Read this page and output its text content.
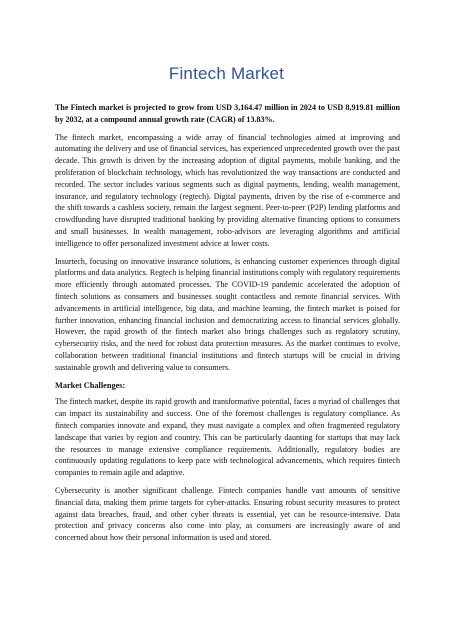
Fintech Market

The Fintech market is projected to grow from USD 3,164.47 million in 2024 to USD 8,919.81 million by 2032, at a compound annual growth rate (CAGR) of 13.83%.

The fintech market, encompassing a wide array of financial technologies aimed at improving and automating the delivery and use of financial services, has experienced unprecedented growth over the past decade. This growth is driven by the increasing adoption of digital payments, mobile banking, and the proliferation of blockchain technology, which has revolutionized the way transactions are conducted and recorded. The sector includes various segments such as digital payments, lending, wealth management, insurance, and regulatory technology (regtech). Digital payments, driven by the rise of e-commerce and the shift towards a cashless society, remain the largest segment. Peer-to-peer (P2P) lending platforms and crowdfunding have disrupted traditional banking by providing alternative financing options to consumers and small businesses. In wealth management, robo-advisors are leveraging algorithms and artificial intelligence to offer personalized investment advice at lower costs.

Insurtech, focusing on innovative insurance solutions, is enhancing customer experiences through digital platforms and data analytics. Regtech is helping financial institutions comply with regulatory requirements more efficiently through automated processes. The COVID-19 pandemic accelerated the adoption of fintech solutions as consumers and businesses sought contactless and remote financial services. With advancements in artificial intelligence, big data, and machine learning, the fintech market is poised for further innovation, enhancing financial inclusion and democratizing access to financial services globally. However, the rapid growth of the fintech market also brings challenges such as regulatory scrutiny, cybersecurity risks, and the need for robust data protection measures. As the market continues to evolve, collaboration between traditional financial institutions and fintech startups will be crucial in driving sustainable growth and delivering value to consumers.

Market Challenges:

The fintech market, despite its rapid growth and transformative potential, faces a myriad of challenges that can impact its sustainability and success. One of the foremost challenges is regulatory compliance. As fintech companies innovate and expand, they must navigate a complex and often fragmented regulatory landscape that varies by region and country. This can be particularly daunting for startups that may lack the resources to manage extensive compliance requirements. Additionally, regulatory bodies are continuously updating regulations to keep pace with technological advancements, which requires fintech companies to remain agile and adaptive.

Cybersecurity is another significant challenge. Fintech companies handle vast amounts of sensitive financial data, making them prime targets for cyber-attacks. Ensuring robust security measures to protect against data breaches, fraud, and other cyber threats is essential, yet can be resource-intensive. Data protection and privacy concerns also come into play, as consumers are increasingly aware of and concerned about how their personal information is used and stored.
